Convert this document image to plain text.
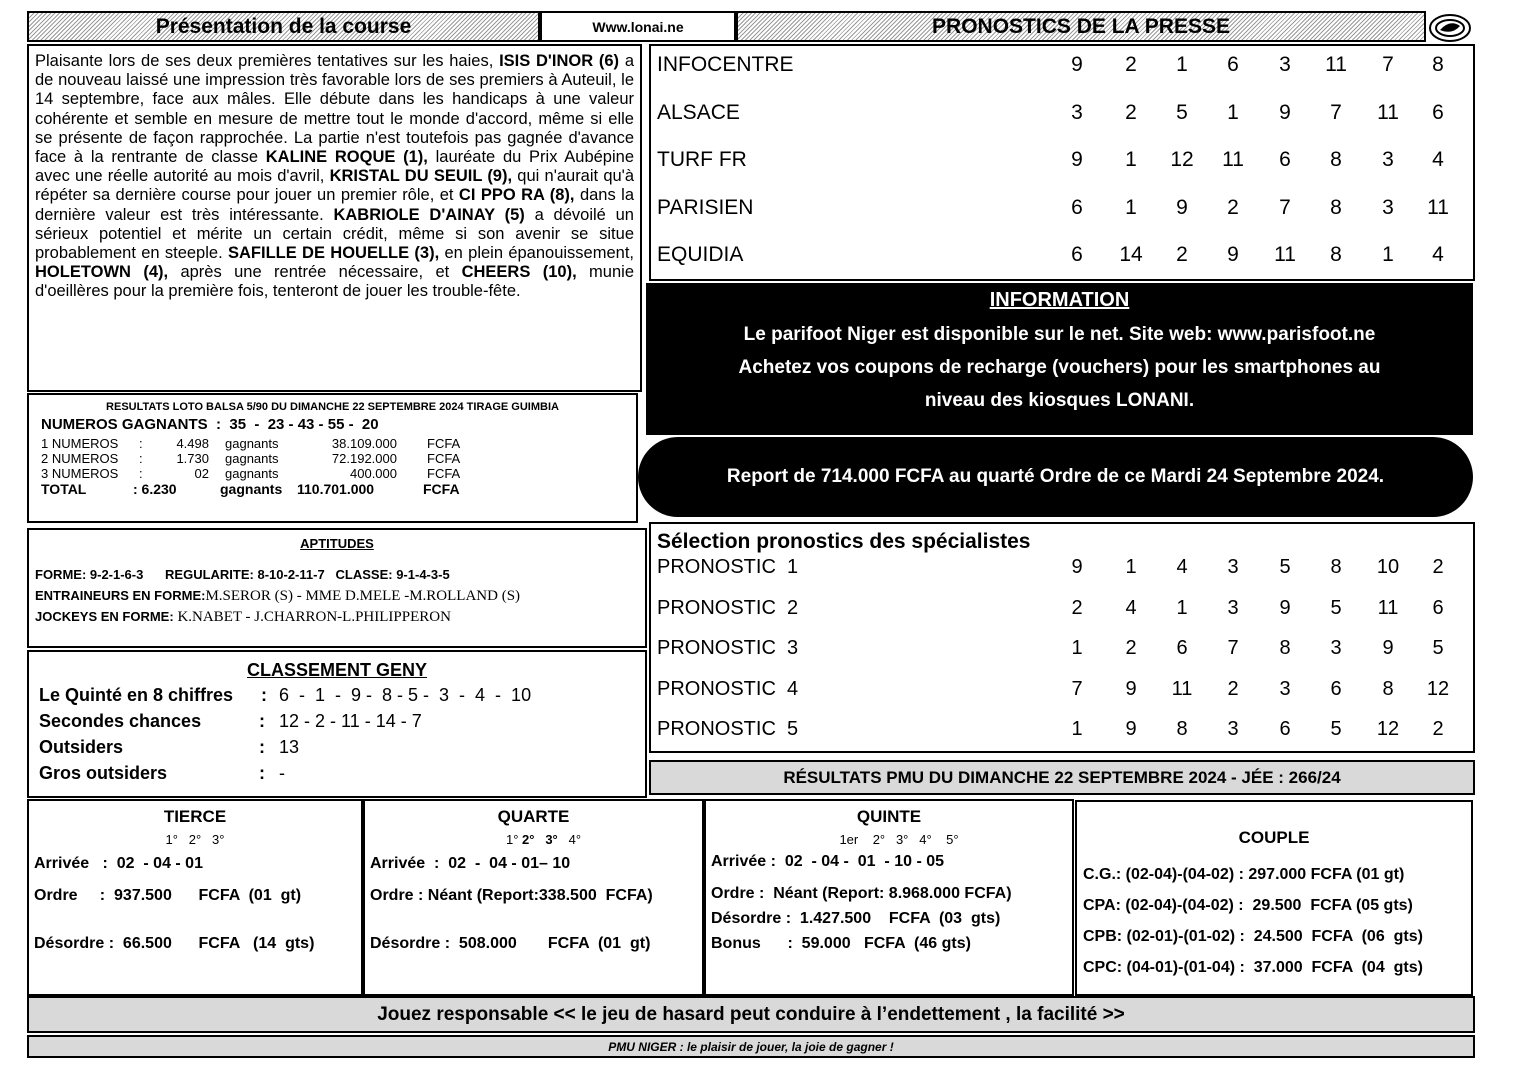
Présentation de la course	Www.lonai.ne	PRONOSTICS DE LA PRESSE
Plaisante lors de ses deux premières tentatives sur les haies, ISIS D'INOR (6) a de nouveau laissé une impression très favorable lors de ses premiers à Auteuil, le 14 septembre, face aux mâles. Elle débute dans les handicaps à une valeur cohérente et semble en mesure de mettre tout le monde d'accord, même si elle se présente de façon rapprochée. La partie n'est toutefois pas gagnée d'avance face à la rentrante de classe KALINE ROQUE (1), lauréate du Prix Aubépine avec une réelle autorité au mois d'avril, KRISTAL DU SEUIL (9), qui n'aurait qu'à répéter sa dernière course pour jouer un premier rôle, et CI PPO RA (8), dans la dernière valeur est très intéressante. KABRIOLE D'AINAY (5) a dévoilé un sérieux potentiel et mérite un certain crédit, même si son avenir se situe probablement en steeple. SAFILLE DE HOUELLE (3), en plein épanouissement, HOLETOWN (4), après une rentrée nécessaire, et CHEERS (10), munie d'oeillères pour la première fois, tenteront de jouer les trouble-fête.
INFOCENTRE	9	2	1	6	3	11	7	8
ALSACE	3	2	5	1	9	7	11	6
TURF FR	9	1	12	11	6	8	3	4
PARISIEN	6	1	9	2	7	8	3	11
EQUIDIA	6	14	2	9	11	8	1	4
INFORMATION
Le parifoot Niger est disponible sur le net. Site web: www.parisfoot.ne
Achetez vos coupons de recharge (vouchers) pour les smartphones au
niveau des kiosques LONANI.
Report de 714.000 FCFA au quarté Ordre de ce Mardi 24 Septembre 2024.
RESULTATS LOTO BALSA 5/90 DU DIMANCHE 22 SEPTEMBRE 2024 TIRAGE GUIMBIA
NUMEROS GAGNANTS :  35  -  23 - 43 - 55 -  20
1 NUMEROS :	4.498 gagnants	38.109.000 FCFA
2 NUMEROS :	1.730 gagnants	72.192.000 FCFA
3 NUMEROS :	02 gagnants	400.000 FCFA
TOTAL	: 6.230	gagnants 110.701.000	FCFA
APTITUDES
FORME: 9-2-1-6-3 REGULARITE: 8-10-2-11-7 CLASSE: 9-1-4-3-5
ENTRAINEURS EN FORME:M.SEROR (S) - MME D.MELE -M.ROLLAND (S)
JOCKEYS EN FORME: K.NABET - J.CHARRON-L.PHILIPPERON
CLASSEMENT GENY
Le Quinté en 8 chiffres : 6  -  1  -  9 -  8 - 5 -  3  -  4  -  10
Secondes chances	: 12 - 2 - 11 - 14 - 7
Outsiders	: 13
Gros outsiders	: -
Sélection pronostics des spécialistes
PRONOSTIC  1	9	1	4	3	5	8	10	2
PRONOSTIC  2	2	4	1	3	9	5	11	6
PRONOSTIC  3	1	2	6	7	8	3	9	5
PRONOSTIC  4	7	9	11	2	3	6	8	12
PRONOSTIC  5	1	9	8	3	6	5	12	2
RÉSULTATS PMU DU DIMANCHE 22 SEPTEMBRE 2024 - JÉE : 266/24
TIERCE
1°   2°   3°
Arrivée   : 02  - 04 - 01
Ordre     : 937.500      FCFA  (01  gt)
Désordre : 66.500      FCFA   (14  gts)
QUARTE
1° 2° 3° 4°
Arrivée  : 02  -  04 - 01– 10
Ordre : Néant (Report:338.500  FCFA)
Désordre : 508.000       FCFA  (01  gt)
QUINTE
1er    2°   3°   4°    5°
Arrivée : 02  - 04 -  01  - 10 - 05
Ordre : Néant (Report: 8.968.000 FCFA)
Désordre : 1.427.500    FCFA  (03  gts)
Bonus      : 59.000   FCFA  (46 gts)
COUPLE
C.G.: (02-04)-(04-02) : 297.000 FCFA (01 gt)
CPA: (02-04)-(04-02) :  29.500  FCFA (05 gts)
CPB: (02-01)-(01-02) :  24.500  FCFA  (06  gts)
CPC: (04-01)-(01-04) :  37.000  FCFA  (04  gts)
Jouez responsable << le jeu de hasard peut conduire à l’endettement , la facilité >>
PMU NIGER : le plaisir de jouer, la joie de gagner !
